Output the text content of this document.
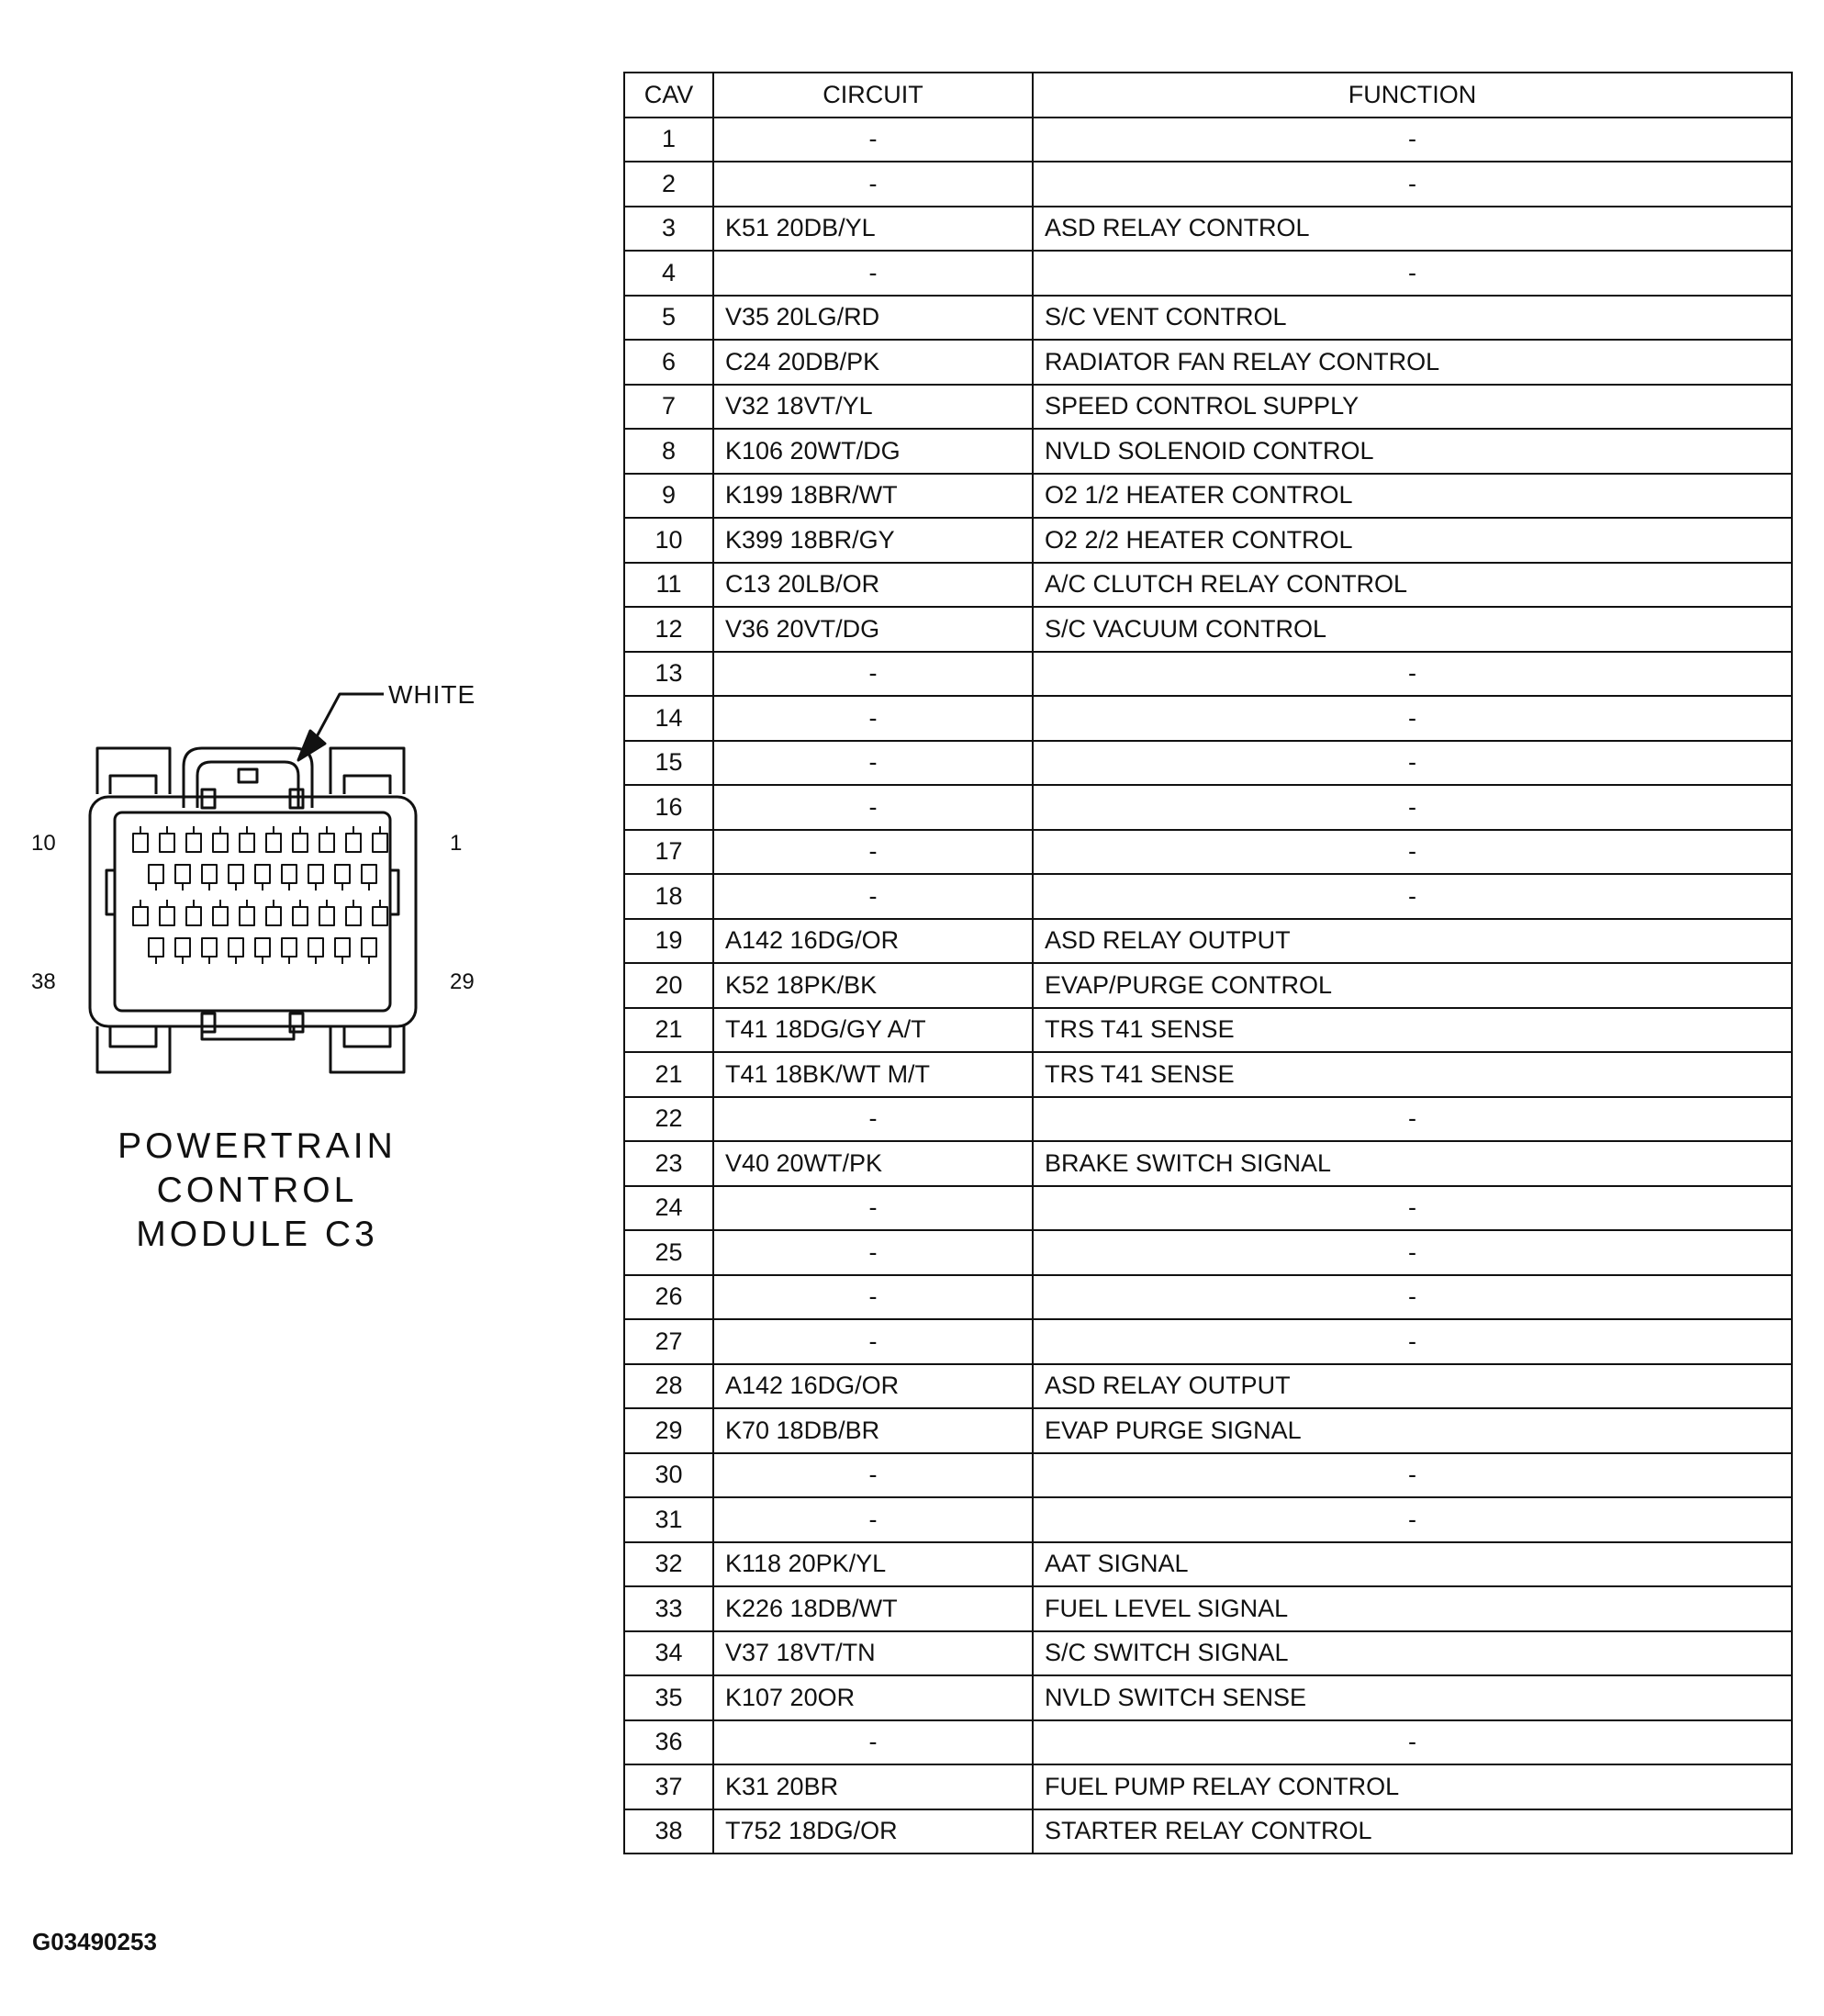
WHITE
10	1
38	29
POWERTRAIN
CONTROL
MODULE C3
G03490253
CAV	CIRCUIT	FUNCTION
1	-	-
2	-	-
3	K51 20DB/YL	ASD RELAY CONTROL
4	-	-
5	V35 20LG/RD	S/C VENT CONTROL
6	C24 20DB/PK	RADIATOR FAN RELAY CONTROL
7	V32 18VT/YL	SPEED CONTROL SUPPLY
8	K106 20WT/DG	NVLD SOLENOID CONTROL
9	K199 18BR/WT	O2 1/2 HEATER CONTROL
10	K399 18BR/GY	O2 2/2 HEATER CONTROL
11	C13 20LB/OR	A/C CLUTCH RELAY CONTROL
12	V36 20VT/DG	S/C VACUUM CONTROL
13	-	-
14	-	-
15	-	-
16	-	-
17	-	-
18	-	-
19	A142 16DG/OR	ASD RELAY OUTPUT
20	K52 18PK/BK	EVAP/PURGE CONTROL
21	T41 18DG/GY A/T	TRS T41 SENSE
21	T41 18BK/WT M/T	TRS T41 SENSE
22	-	-
23	V40 20WT/PK	BRAKE SWITCH SIGNAL
24	-	-
25	-	-
26	-	-
27	-	-
28	A142 16DG/OR	ASD RELAY OUTPUT
29	K70 18DB/BR	EVAP PURGE SIGNAL
30	-	-
31	-	-
32	K118 20PK/YL	AAT SIGNAL
33	K226 18DB/WT	FUEL LEVEL SIGNAL
34	V37 18VT/TN	S/C SWITCH SIGNAL
35	K107 20OR	NVLD SWITCH SENSE
36	-	-
37	K31 20BR	FUEL PUMP RELAY CONTROL
38	T752 18DG/OR	STARTER RELAY CONTROL
